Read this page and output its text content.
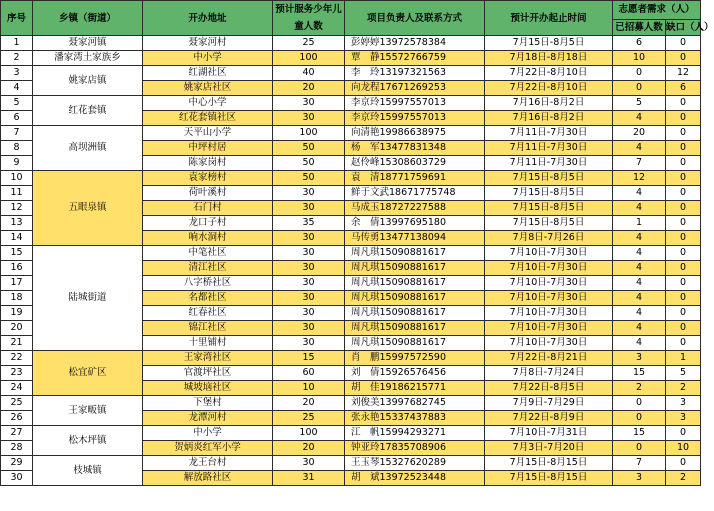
序号	乡镇（街道）	开办地址	预计服务少年儿童人数	项目负责人及联系方式	预计开办起止时间	志愿者需求（人）	
						已招募人数	缺口（人）
1	聂家河镇	聂家河村	25	彭婷婷13972578384	7月15日-8月5日	6	0
2	潘家湾土家族乡	中小学	100	覃　静15572766759	7月18日-8月18日	10	0
3	姚家店镇	红湖社区	40	李　玲13197321563	7月22日-8月10日	0	12
4		姚家店社区	20	向龙程17671269253	7月22日-8月10日	0	6
5	红花套镇	中心小学	30	李京玲15997557013	7月16日-8月2日	5	0
6		红花套镇社区	30	李京玲15997557013	7月16日-8月2日	4	0
7	高坝洲镇	天平山小学	100	向清艳19986638975	7月11日-7月30日	20	0
8		中坪村居	50	杨　军13477831348	7月11日-7月30日	4	0
9		陈家岗村	50	赵伶峰15308603729	7月11日-7月30日	7	0
10	五眼泉镇	袁家榜村	50	袁　清18771759691	7月15日-8月5日	12	0
11		荷叶溪村	30	鲜于文武18671775748	7月15日-8月5日	4	0
12		石门村	30	马成玉18727227588	7月15日-8月5日	4	0
13		龙口子村	35	余　倩13997695180	7月15日-8月5日	1	0
14		响水洞村	30	马传勇13477138094	7月8日-7月26日	4	0
15	陆城街道	中笔社区	30	周凡琪15090881617	7月10日-7月30日	4	0
16		清江社区	30	周凡琪15090881617	7月10日-7月30日	4	0
17		八字桥社区	30	周凡琪15090881617	7月10日-7月30日	4	0
18		名都社区	30	周凡琪15090881617	7月10日-7月30日	4	0
19		红春社区	30	周凡琪15090881617	7月10日-7月30日	4	0
20		锦江社区	30	周凡琪15090881617	7月10日-7月30日	4	0
21		十里铺村	30	周凡琪15090881617	7月10日-7月30日	4	0
22	松宜矿区	王家湾社区	15	肖　鹏15997572590	7月22日-8月21日	3	1
23		官渡坪社区	60	刘　倩15926576456	7月8日-7月24日	15	5
24		城坡垴社区	10	胡　佳19186215771	7月22日-8月5日	2	2
25	王家畈镇	下堡村	20	刘俊美13997682745	7月9日-7月29日	0	3
26		龙潭河村	25	张永艳15337437883	7月22日-8月9日	0	3
27	松木坪镇	中小学	100	江　帆15994293271	7月10日-7月31日	15	0
28		贺炳炎红军小学	20	钟亚玲17835708906	7月3日-7月20日	0	10
29	枝城镇	龙王台村	30	王玉琴15327620289	7月15日-8月15日	7	0
30		解放路社区	31	胡　斌13972523448	7月15日-8月15日	3	2
